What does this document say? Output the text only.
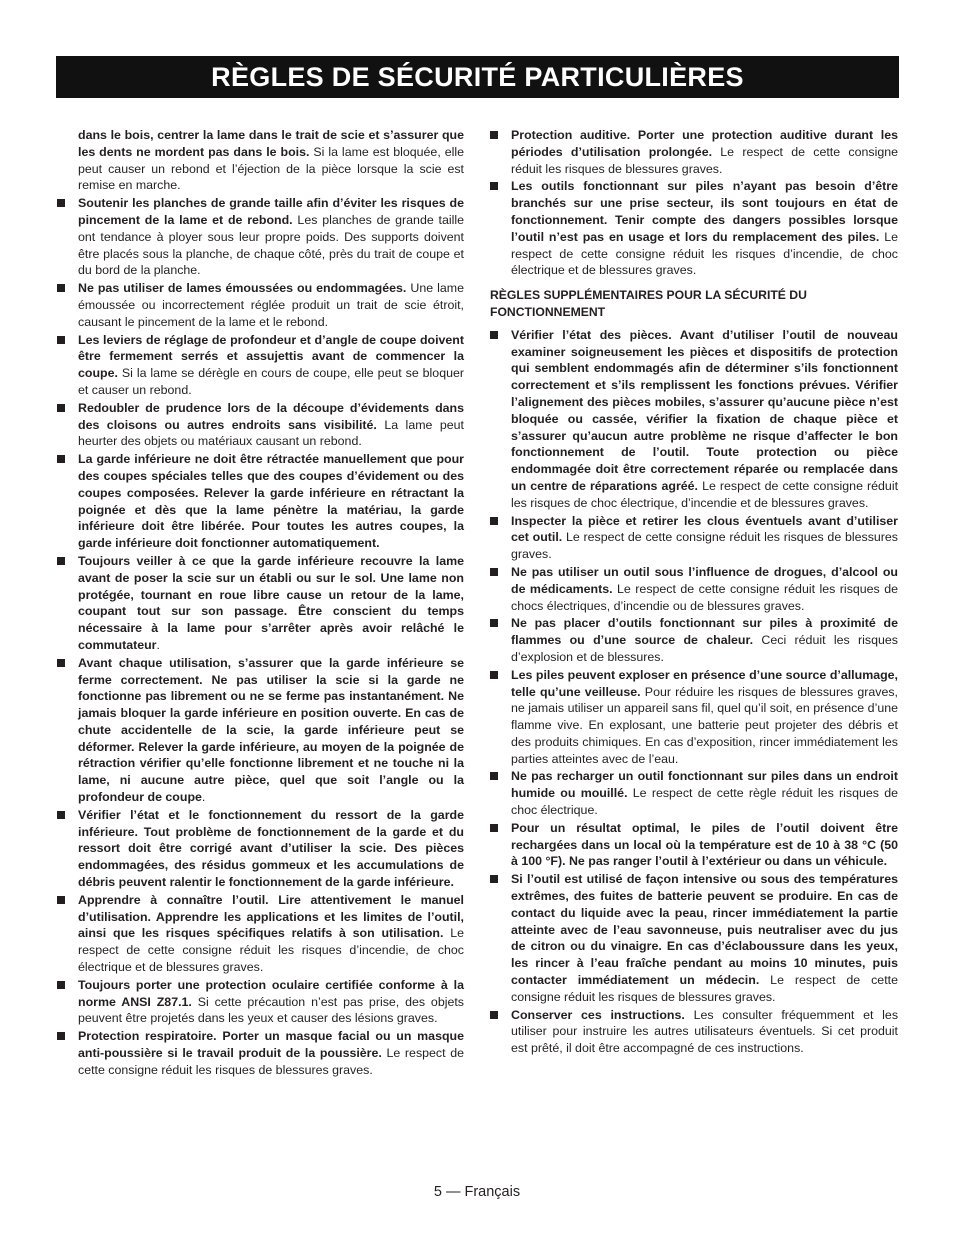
RÈGLES DE SÉCURITÉ PARTICULIÈRES
dans le bois, centrer la lame dans le trait de scie et s’assurer que les dents ne mordent pas dans le bois. Si la lame est bloquée, elle peut causer un rebond et l’éjection de la pièce lorsque la scie est remise en marche.
Soutenir les planches de grande taille afin d’éviter les risques de pincement de la lame et de rebond. Les planches de grande taille ont tendance à ployer sous leur propre poids. Des supports doivent être placés sous la planche, de chaque côté, près du trait de coupe et du bord de la planche.
Ne pas utiliser de lames émoussées ou endommagées. Une lame émoussée ou incorrectement réglée produit un trait de scie étroit, causant le pincement de la lame et le rebond.
Les leviers de réglage de profondeur et d’angle de coupe doivent être fermement serrés et assujettis avant de commencer la coupe. Si la lame se dérègle en cours de coupe, elle peut se bloquer et causer un rebond.
Redoubler de prudence lors de la découpe d’évidements dans des cloisons ou autres endroits sans visibilité. La lame peut heurter des objets ou matériaux causant un rebond.
La garde inférieure ne doit être rétractée manuellement que pour des coupes spéciales telles que des coupes d’évidement ou des coupes composées. Relever la garde inférieure en rétractant la poignée et dès que la lame pénètre la matériau, la garde inférieure doit être libérée. Pour toutes les autres coupes, la garde inférieure doit fonctionner automatiquement.
Toujours veiller à ce que la garde inférieure recouvre la lame avant de poser la scie sur un établi ou sur le sol. Une lame non protégée, tournant en roue libre cause un retour de la lame, coupant tout sur son passage. Être conscient du temps nécessaire à la lame pour s’arrêter après avoir relâché le commutateur.
Avant chaque utilisation, s’assurer que la garde inférieure se ferme correctement. Ne pas utiliser la scie si la garde ne fonctionne pas librement ou ne se ferme pas instantanément. Ne jamais bloquer la garde inférieure en position ouverte. En cas de chute accidentelle de la scie, la garde inférieure peut se déformer. Relever la garde inférieure, au moyen de la poignée de rétraction vérifier qu’elle fonctionne librement et ne touche ni la lame, ni aucune autre pièce, quel que soit l’angle ou la profondeur de coupe.
Vérifier l’état et le fonctionnement du ressort de la garde inférieure. Tout problème de fonctionnement de la garde et du ressort doit être corrigé avant d’utiliser la scie. Des pièces endommagées, des résidus gommeux et les accumulations de débris peuvent ralentir le fonctionnement de la garde inférieure.
Apprendre à connaître l’outil. Lire attentivement le manuel d’utilisation. Apprendre les applications et les limites de l’outil, ainsi que les risques spécifiques relatifs à son utilisation. Le respect de cette consigne réduit les risques d’incendie, de choc électrique et de blessures graves.
Toujours porter une protection oculaire certifiée conforme à la norme ANSI Z87.1. Si cette précaution n’est pas prise, des objets peuvent être projetés dans les yeux et causer des lésions graves.
Protection respiratoire. Porter un masque facial ou un masque anti-poussière si le travail produit de la poussière. Le respect de cette consigne réduit les risques de blessures graves.
Protection auditive. Porter une protection auditive durant les périodes d’utilisation prolongée. Le respect de cette consigne réduit les risques de blessures graves.
Les outils fonctionnant sur piles n’ayant pas besoin d’être branchés sur une prise secteur, ils sont toujours en état de fonctionnement. Tenir compte des dangers possibles lorsque l’outil n’est pas en usage et lors du remplacement des piles. Le respect de cette consigne réduit les risques d’incendie, de choc électrique et de blessures graves.
RÈGLES SUPPLÉMENTAIRES POUR LA SÉCURITÉ DU FONCTIONNEMENT
Vérifier l’état des pièces. Avant d’utiliser l’outil de nouveau examiner soigneusement les pièces et dispositifs de protection qui semblent endommagés afin de déterminer s’ils fonctionnent correctement et s’ils remplissent les fonctions prévues. Vérifier l’alignement des pièces mobiles, s’assurer qu’aucune pièce n’est bloquée ou cassée, vérifier la fixation de chaque pièce et s’assurer qu’aucun autre problème ne risque d’affecter le bon fonctionnement de l’outil. Toute protection ou pièce endommagée doit être correctement réparée ou remplacée dans un centre de réparations agréé. Le respect de cette consigne réduit les risques de choc électrique, d’incendie et de blessures graves.
Inspecter la pièce et retirer les clous éventuels avant d’utiliser cet outil. Le respect de cette consigne réduit les risques de blessures graves.
Ne pas utiliser un outil sous l’influence de drogues, d’alcool ou de médicaments. Le respect de cette consigne réduit les risques de chocs électriques, d’incendie ou de blessures graves.
Ne pas placer d’outils fonctionnant sur piles à proximité de flammes ou d’une source de chaleur. Ceci réduit les risques d’explosion et de blessures.
Les piles peuvent exploser en présence d’une source d’allumage, telle qu’une veilleuse. Pour réduire les risques de blessures graves, ne jamais utiliser un appareil sans fil, quel qu’il soit, en présence d’une flamme vive. En explosant, une batterie peut projeter des débris et des produits chimiques. En cas d’exposition, rincer immédiatement les parties atteintes avec de l’eau.
Ne pas recharger un outil fonctionnant sur piles dans un endroit humide ou mouillé. Le respect de cette règle réduit les risques de choc électrique.
Pour un résultat optimal, le piles de l’outil doivent être rechargées dans un local où la température est de 10 à 38 °C (50 à 100 °F). Ne pas ranger l’outil à l’extérieur ou dans un véhicule.
Si l’outil est utilisé de façon intensive ou sous des températures extrêmes, des fuites de batterie peuvent se produire. En cas de contact du liquide avec la peau, rincer immédiatement la partie atteinte avec de l’eau savonneuse, puis neutraliser avec du jus de citron ou du vinaigre. En cas d’éclaboussure dans les yeux, les rincer à l’eau fraîche pendant au moins 10 minutes, puis contacter immédiatement un médecin. Le respect de cette consigne réduit les risques de blessures graves.
Conserver ces instructions. Les consulter fréquemment et les utiliser pour instruire les autres utilisateurs éventuels. Si cet produit est prêté, il doit être accompagné de ces instructions.
5 — Français
